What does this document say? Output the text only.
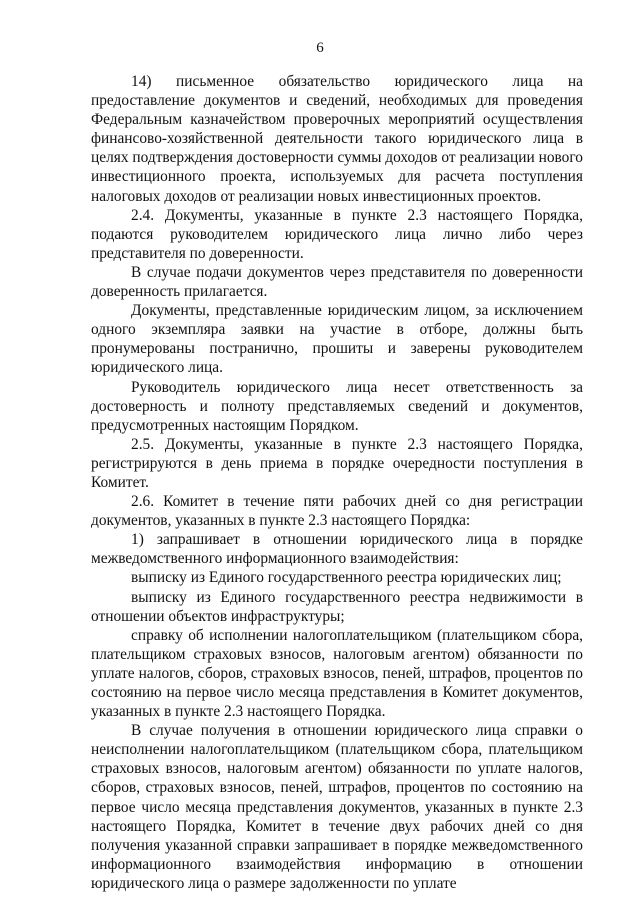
6

14) письменное обязательство юридического лица на предоставление документов и сведений, необходимых для проведения Федеральным казначейством проверочных мероприятий осуществления финансово-хозяйственной деятельности такого юридического лица в целях подтверждения достоверности суммы доходов от реализации нового инвестиционного проекта, используемых для расчета поступления налоговых доходов от реализации новых инвестиционных проектов.

2.4. Документы, указанные в пункте 2.3 настоящего Порядка, подаются руководителем юридического лица лично либо через представителя по доверенности.

В случае подачи документов через представителя по доверенности доверенность прилагается.

Документы, представленные юридическим лицом, за исключением одного экземпляра заявки на участие в отборе, должны быть пронумерованы постранично, прошиты и заверены руководителем юридического лица.

Руководитель юридического лица несет ответственность за достоверность и полноту представляемых сведений и документов, предусмотренных настоящим Порядком.

2.5. Документы, указанные в пункте 2.3 настоящего Порядка, регистрируются в день приема в порядке очередности поступления в Комитет.

2.6. Комитет в течение пяти рабочих дней со дня регистрации документов, указанных в пункте 2.3 настоящего Порядка:

1) запрашивает в отношении юридического лица в порядке межведомственного информационного взаимодействия:

выписку из Единого государственного реестра юридических лиц;

выписку из Единого государственного реестра недвижимости в отношении объектов инфраструктуры;

справку об исполнении налогоплательщиком (плательщиком сбора, плательщиком страховых взносов, налоговым агентом) обязанности по уплате налогов, сборов, страховых взносов, пеней, штрафов, процентов по состоянию на первое число месяца представления в Комитет документов, указанных в пункте 2.3 настоящего Порядка.

В случае получения в отношении юридического лица справки о неисполнении налогоплательщиком (плательщиком сбора, плательщиком страховых взносов, налоговым агентом) обязанности по уплате налогов, сборов, страховых взносов, пеней, штрафов, процентов по состоянию на первое число месяца представления документов, указанных в пункте 2.3 настоящего Порядка, Комитет в течение двух рабочих дней со дня получения указанной справки запрашивает в порядке межведомственного информационного взаимодействия информацию в отношении юридического лица о размере задолженности по уплате
